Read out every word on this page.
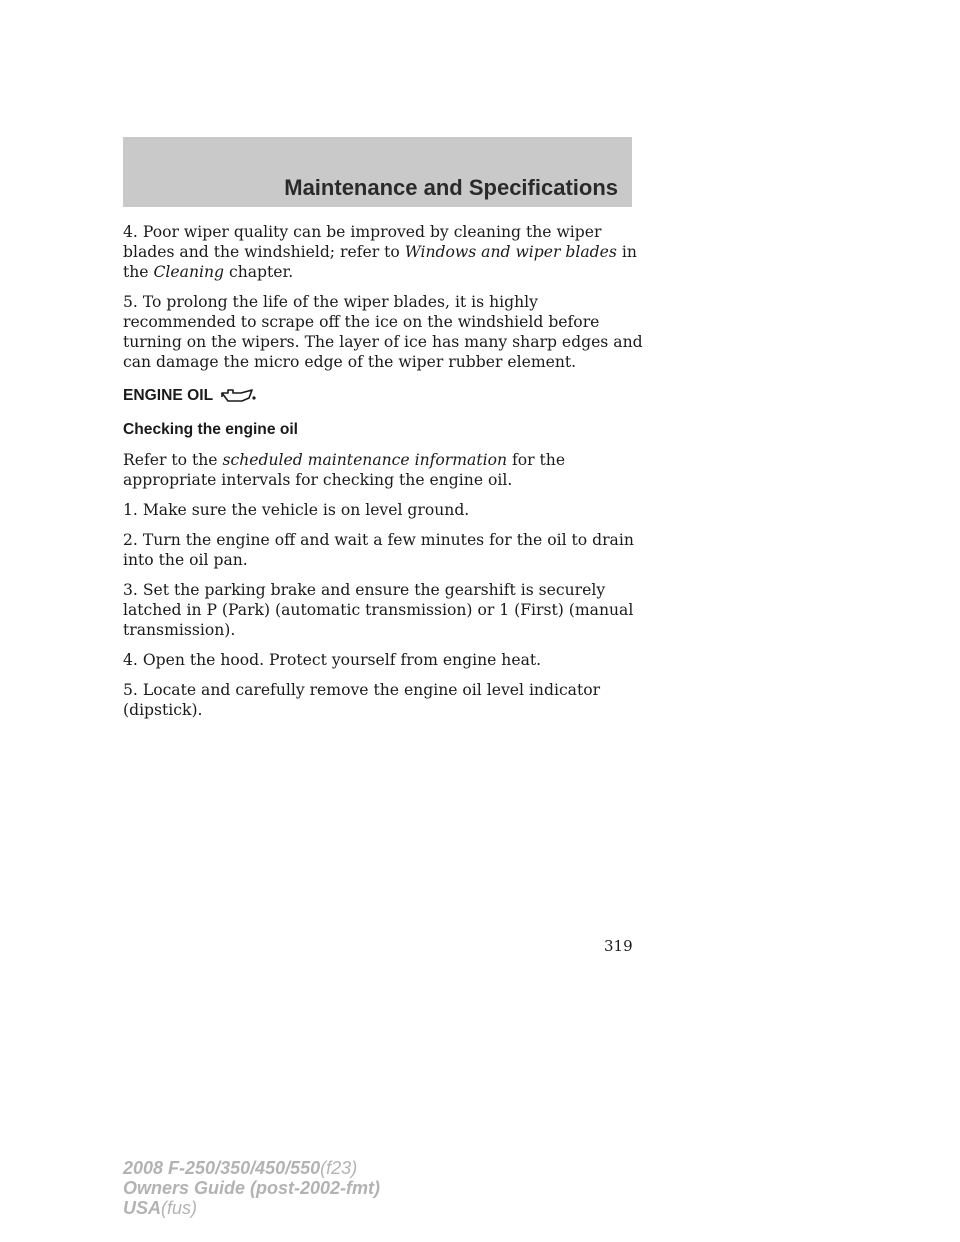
Maintenance and Specifications

4. Poor wiper quality can be improved by cleaning the wiper blades and the windshield; refer to Windows and wiper blades in the Cleaning chapter.

5. To prolong the life of the wiper blades, it is highly recommended to scrape off the ice on the windshield before turning on the wipers. The layer of ice has many sharp edges and can damage the micro edge of the wiper rubber element.

ENGINE OIL
Checking the engine oil

Refer to the scheduled maintenance information for the appropriate intervals for checking the engine oil.

1. Make sure the vehicle is on level ground.

2. Turn the engine off and wait a few minutes for the oil to drain into the oil pan.

3. Set the parking brake and ensure the gearshift is securely latched in P (Park) (automatic transmission) or 1 (First) (manual transmission).

4. Open the hood. Protect yourself from engine heat.

5. Locate and carefully remove the engine oil level indicator (dipstick).

319
2008 F-250/350/450/550(f23)
Owners Guide (post-2002-fmt)
USA(fus)
